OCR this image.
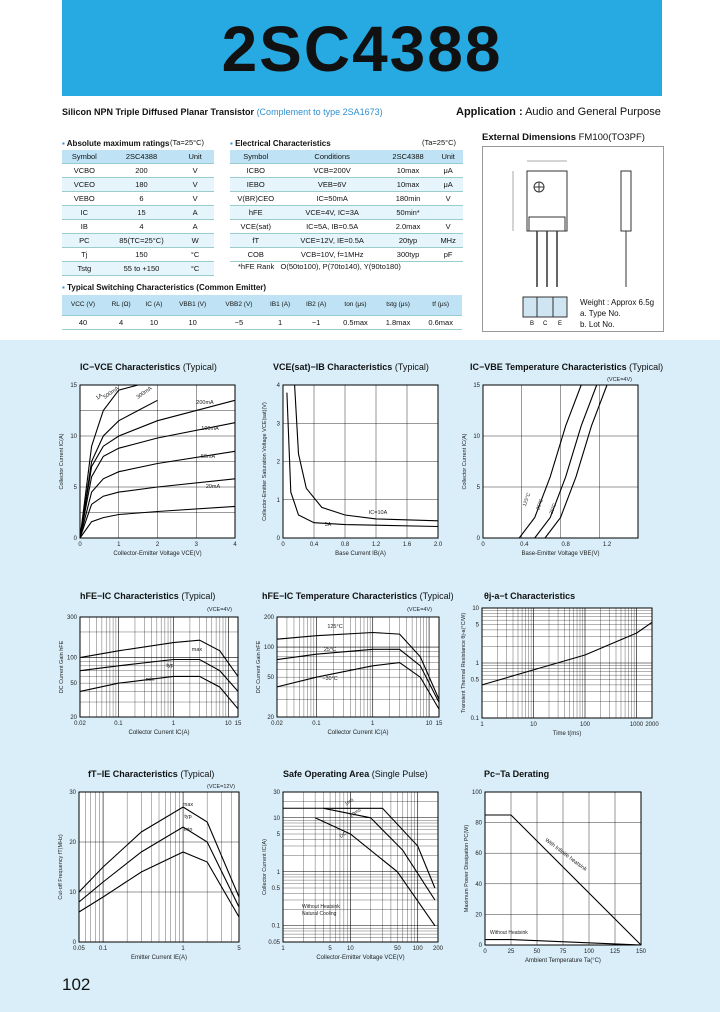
2SC4388
Silicon NPN Triple Diffused Planar Transistor (Complement to type 2SA1673)	Application : Audio and General Purpose
▪ Absolute maximum ratings (Ta=25°C)
Symbol	2SC4388	Unit
VCBO	200	V
VCEO	180	V
VEBO	6	V
IC	15	A
IB	4	A
PC	85(TC=25°C)	W
Tj	150	°C
Tstg	55 to +150	°C
▪ Electrical Characteristics	(Ta=25°C)
Symbol	Conditions	2SC4388	Unit
ICBO	VCB=200V	10max	μA
IEBO	VEB=6V	10max	μA
V(BR)CEO	IC=50mA	180min	V
hFE	VCE=4V, IC=3A	50min*	
VCE(sat)	IC=5A, IB=0.5A	2.0max	V
fT	VCE=12V, IE=0.5A	20typ	MHz
COB	VCB=10V, f=1MHz	300typ	pF
*hFE Rank O(50to100), P(70to140), Y(90to180)
▪ Typical Switching Characteristics (Common Emitter)
VCC (V)	RL (Ω)	IC (A)	VBB1 (V)	VBB2 (V)	IB1 (A)	IB2 (A)	ton (μs)	tstg (μs)	tf (μs)
40	4	10	10	−5	1	−1	0.5max	1.8max	0.6max
External Dimensions FM100(TO3PF)
B C E
Weight : Approx 6.5g
a. Type No.
b. Lot No.
IC−VCE Characteristics (Typical)	VCE(sat)−IB Characteristics (Typical)	IC−VBE Temperature Characteristics (Typical)
hFE−IC Characteristics (Typical)	hFE−IC Temperature Characteristics (Typical)	θj-a−t Characteristics
fT−IE Characteristics (Typical)	Safe Operating Area (Single Pulse)	Pc−Ta Derating
0	1	2	3	4
0
5
10
15
Collector-Emitter Voltage VCE(V)
Collector Current IC(A)
1A
500mA	300mA
200mA
100mA
50mA
20mA
0	0.4	0.8	1.2	1.6	2.0
0
1
2
3
4
Base Current IB(A)
Collector-Emitter Saturation Voltage VCE(sat)(V)	IC=10A
5A
0	0.4	0.8	1.2
0
5
10
15
Base-Emitter Voltage VBE(V)
Collector Current IC(A)
(VCE=4V)
125°C 25°C -30°C
0.02	0.1	1	10 15
20
50
100
300
Collector Current IC(A)
DC Current Gain hFE
(VCE=4V)
max
typ
min
0.02	0.1	1	10 15
20
50
100
200
Collector Current IC(A)
DC Current Gain hFE
(VCE=4V)
125°C
25°C
−30°C
1	10	100	1000 2000
0.1
0.5
1
5
10
Time t(ms)
Transient Thermal Resistance θj-a(°C/W)
0.05 0.1	1	5
0
10
20
30
Emitter Current IE(A)
Cut-off Frequency fT(MHz)
(VCE=12V)
max
typ
min
1	5	10	50 100 200
0.05
0.1
0.5
1
5
10
30
Collector-Emitter Voltage VCE(V)
Collector Current IC(A)
1ms
10ms
DC
Without Heatsink
Natural Cooling
0	25	50	75	100	125	150
0
20
40
60
80
100
Ambient Temperature Ta(°C)
Maximum Power Dissipation PC(W)	With Infinite heatsink
Without Heatsink
102
